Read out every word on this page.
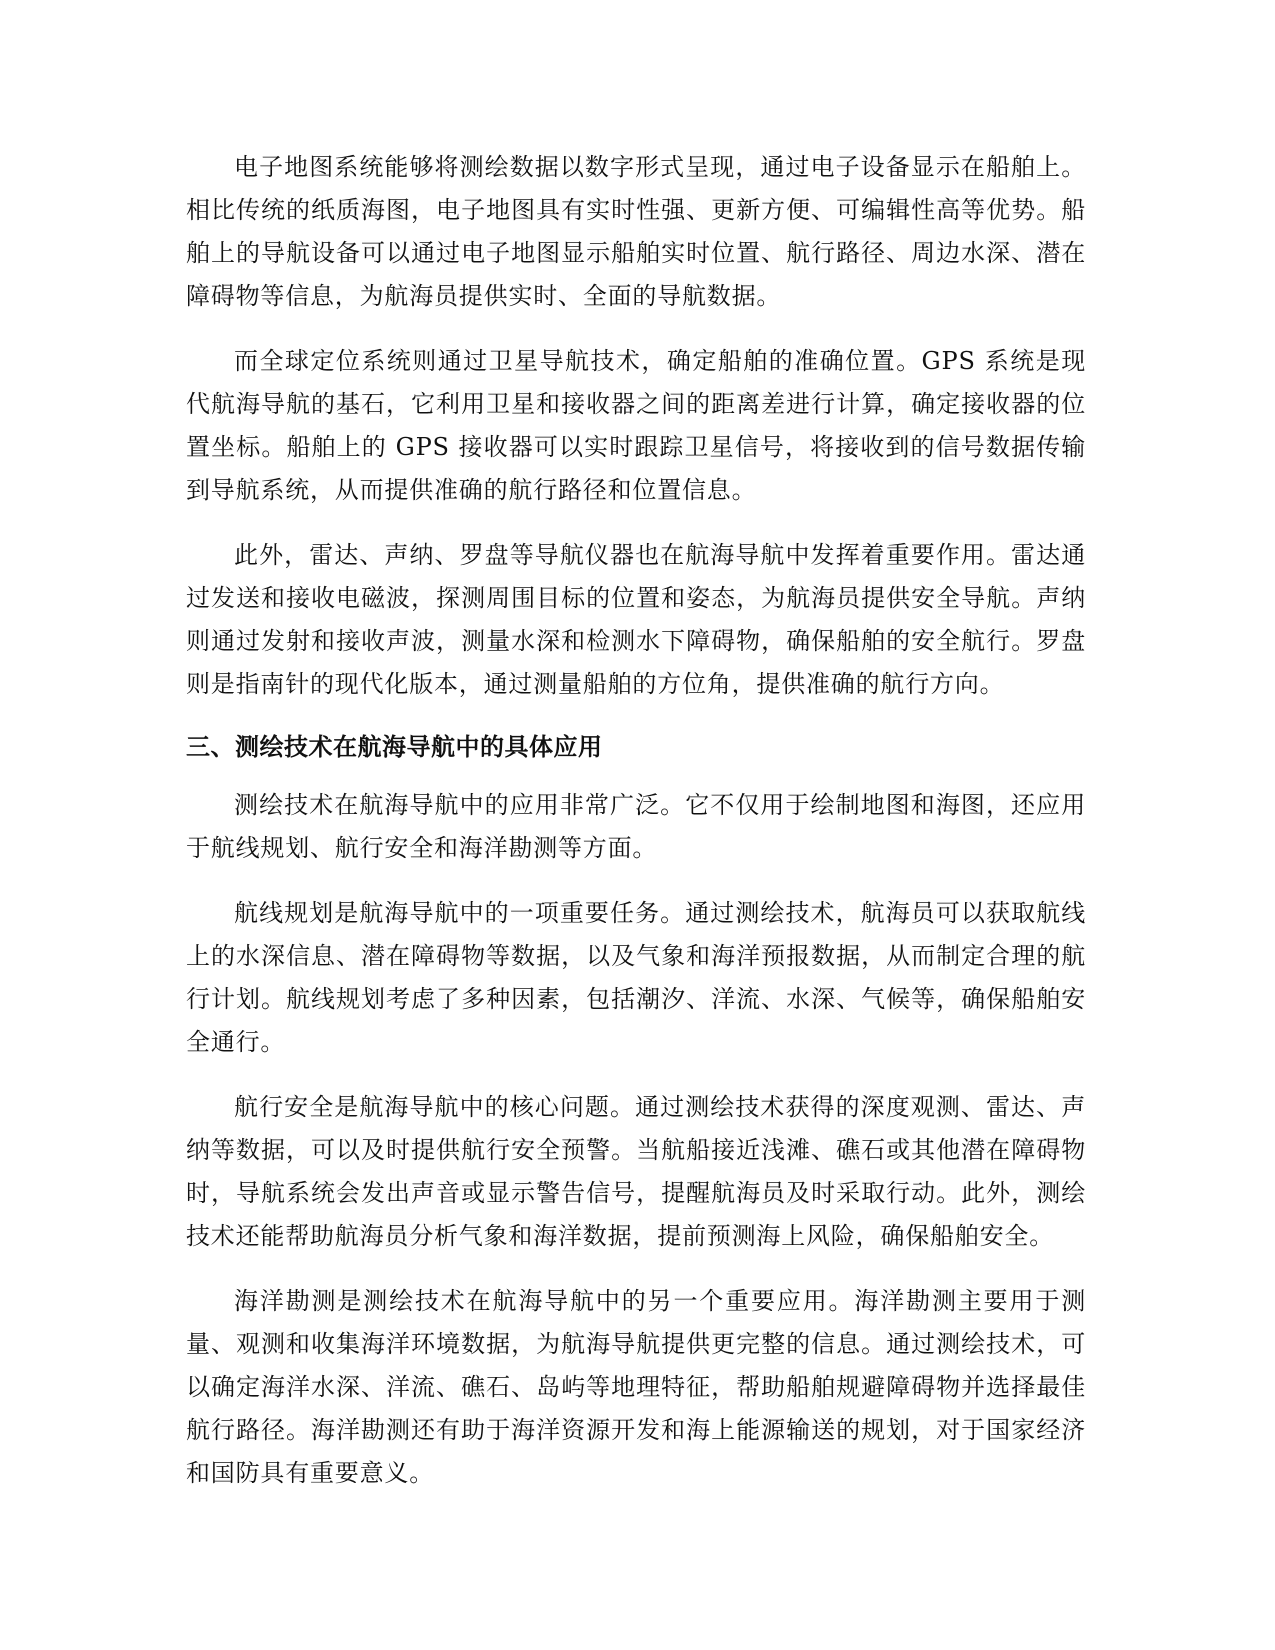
电子地图系统能够将测绘数据以数字形式呈现，通过电子设备显示在船舶上。相比传统的纸质海图，电子地图具有实时性强、更新方便、可编辑性高等优势。船舶上的导航设备可以通过电子地图显示船舶实时位置、航行路径、周边水深、潜在障碍物等信息，为航海员提供实时、全面的导航数据。

而全球定位系统则通过卫星导航技术，确定船舶的准确位置。GPS 系统是现代航海导航的基石，它利用卫星和接收器之间的距离差进行计算，确定接收器的位置坐标。船舶上的 GPS 接收器可以实时跟踪卫星信号，将接收到的信号数据传输到导航系统，从而提供准确的航行路径和位置信息。

此外，雷达、声纳、罗盘等导航仪器也在航海导航中发挥着重要作用。雷达通过发送和接收电磁波，探测周围目标的位置和姿态，为航海员提供安全导航。声纳则通过发射和接收声波，测量水深和检测水下障碍物，确保船舶的安全航行。罗盘则是指南针的现代化版本，通过测量船舶的方位角，提供准确的航行方向。

三、测绘技术在航海导航中的具体应用

测绘技术在航海导航中的应用非常广泛。它不仅用于绘制地图和海图，还应用于航线规划、航行安全和海洋勘测等方面。

航线规划是航海导航中的一项重要任务。通过测绘技术，航海员可以获取航线上的水深信息、潜在障碍物等数据，以及气象和海洋预报数据，从而制定合理的航行计划。航线规划考虑了多种因素，包括潮汐、洋流、水深、气候等，确保船舶安全通行。

航行安全是航海导航中的核心问题。通过测绘技术获得的深度观测、雷达、声纳等数据，可以及时提供航行安全预警。当航船接近浅滩、礁石或其他潜在障碍物时，导航系统会发出声音或显示警告信号，提醒航海员及时采取行动。此外，测绘技术还能帮助航海员分析气象和海洋数据，提前预测海上风险，确保船舶安全。

海洋勘测是测绘技术在航海导航中的另一个重要应用。海洋勘测主要用于测量、观测和收集海洋环境数据，为航海导航提供更完整的信息。通过测绘技术，可以确定海洋水深、洋流、礁石、岛屿等地理特征，帮助船舶规避障碍物并选择最佳航行路径。海洋勘测还有助于海洋资源开发和海上能源输送的规划，对于国家经济和国防具有重要意义。
